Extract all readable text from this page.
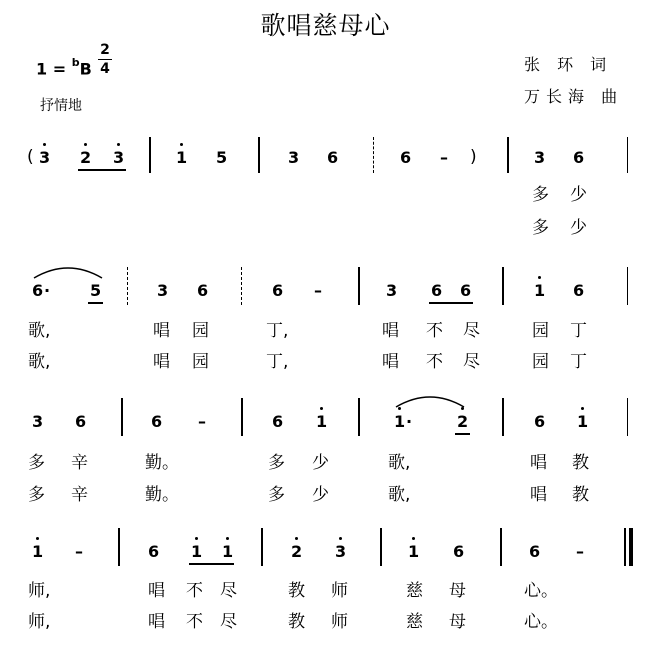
歌唱慈母心
1 = $^b$B
2
4
抒情地
张 环 词
万长海 曲
( 3 2 3	1 5	3 6	6 – )	3 6
多 少
多 少
6 · 5	3 6	6 –	3 6 6	1 6
歌,	唱 园	丁,	唱 不 尽	园 丁
歌,	唱 园	丁,	唱 不 尽	园 丁
3 6	6 –	6 1	1 ·	2	6 1
多 辛	勤。	多 少	歌,	唱 教
多 辛	勤。	多 少	歌,	唱 教
1 –	6 1 1	2 3	1 6	6 –
师,	唱 不 尽	教 师	慈 母	心。
师,	唱 不 尽	教 师	慈 母	心。
